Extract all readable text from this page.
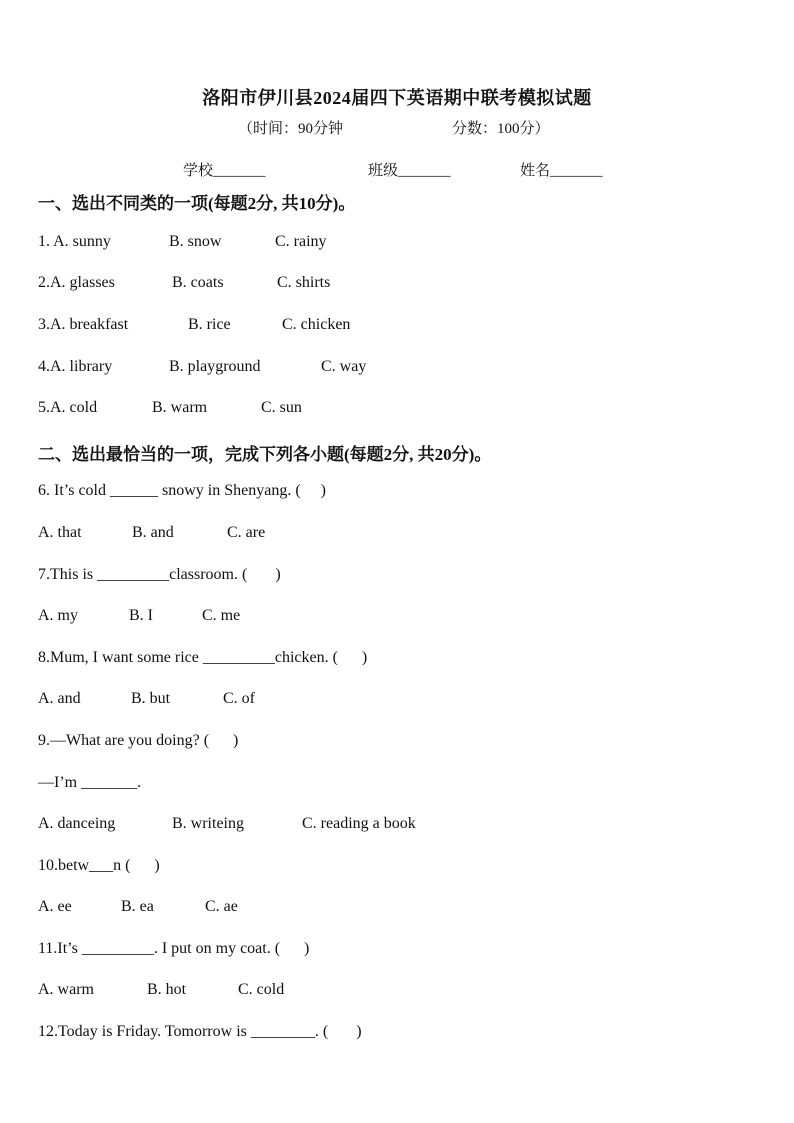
洛阳市伊川县2024届四下英语期中联考模拟试题
（时间：90分钟	分数：100分）
学校_______	班级_______	姓名_______
一、选出不同类的一项(每题2分, 共10分)。
1. A. sunny	B. snow	C. rainy
2.A. glasses	B. coats	C. shirts
3.A. breakfast	B. rice	C. chicken
4.A. library	B. playground	C. way
5.A. cold	B. warm	C. sun
二、选出最恰当的一项，完成下列各小题(每题2分, 共20分)。
6. It’s cold ______ snowy in Shenyang. (     )
A. that	B. and	C. are
7.This is _________classroom. (       )
A. my	B. I	C. me
8.Mum, I want some rice _________chicken. (      )
A. and	B. but	C. of
9.—What are you doing? (      )
—I’m _______.
A. danceing	B. writeing	C. reading a book
10.betw___n (      )
A. ee	B. ea	C. ae
11.It’s _________. I put on my coat. (      )
A. warm	B. hot	C. cold
12.Today is Friday. Tomorrow is ________. (       )
